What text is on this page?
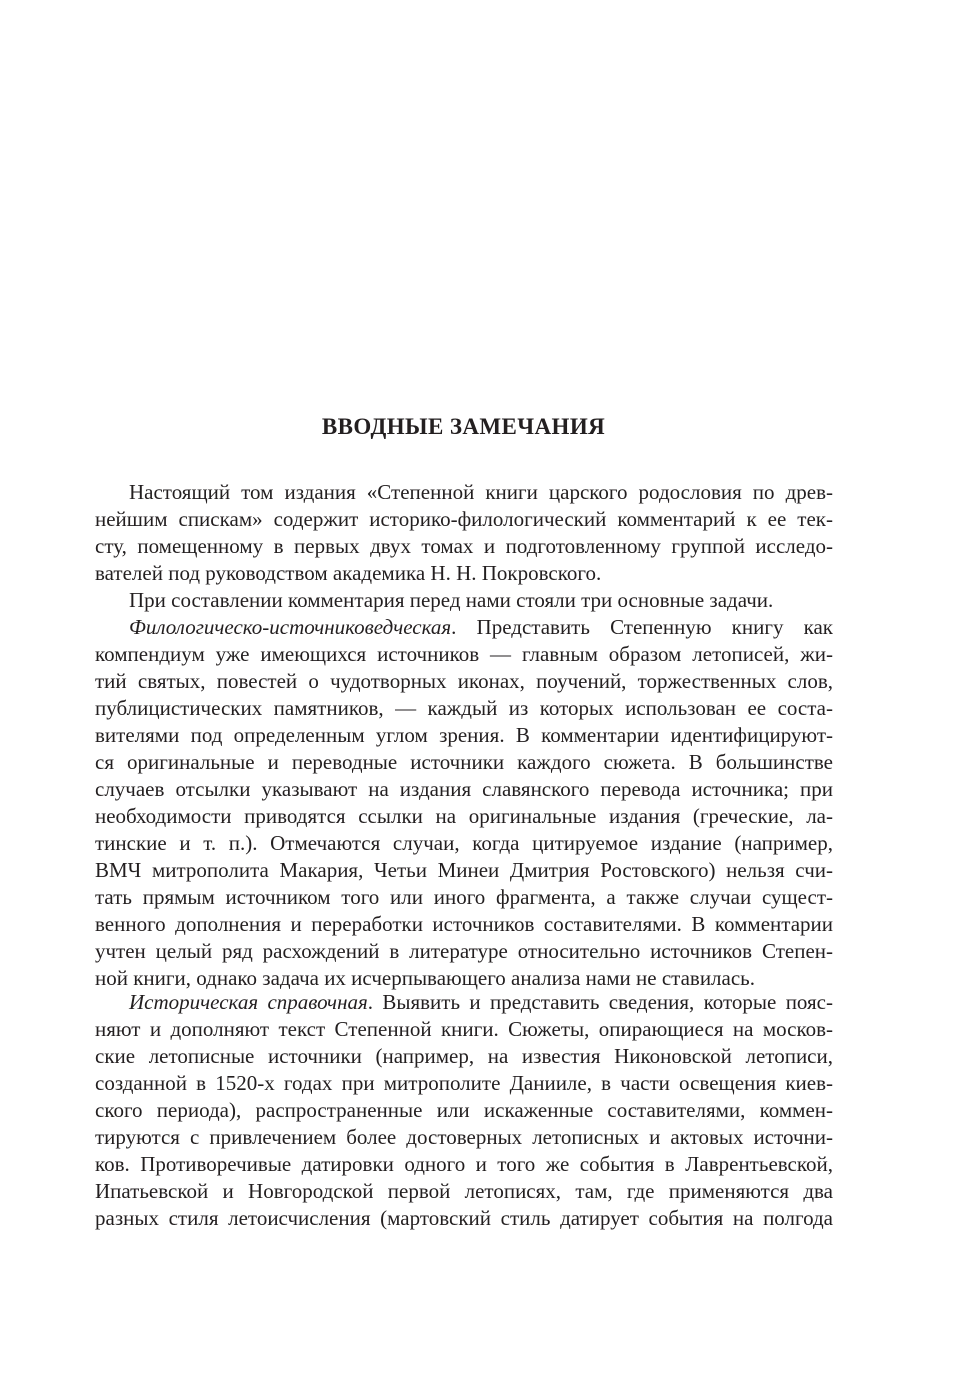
ВВОДНЫЕ ЗАМЕЧАНИЯ
Настоящий том издания «Степенной книги царского родословия по древ-
нейшим спискам» содержит историко-филологический комментарий к ее тек-
сту, помещенному в первых двух томах и подготовленному группой исследо-
вателей под руководством академика Н. Н. Покровского.
При составлении комментария перед нами стояли три основные задачи.
Филологическо-источниковедческая. Представить Степенную книгу как
компендиум уже имеющихся источников — главным образом летописей, жи-
тий святых, повестей о чудотворных иконах, поучений, торжественных слов,
публицистических памятников, — каждый из которых использован ее соста-
вителями под определенным углом зрения. В комментарии идентифицируют-
ся оригинальные и переводные источники каждого сюжета. В большинстве
случаев отсылки указывают на издания славянского перевода источника; при
необходимости приводятся ссылки на оригинальные издания (греческие, ла-
тинские и т. п.). Отмечаются случаи, когда цитируемое издание (например,
ВМЧ митрополита Макария, Четьи Минеи Дмитрия Ростовского) нельзя счи-
тать прямым источником того или иного фрагмента, а также случаи сущест-
венного дополнения и переработки источников составителями. В комментарии
учтен целый ряд расхождений в литературе относительно источников Степен-
ной книги, однако задача их исчерпывающего анализа нами не ставилась.
Историческая справочная. Выявить и представить сведения, которые пояс-
няют и дополняют текст Степенной книги. Сюжеты, опирающиеся на москов-
ские летописные источники (например, на известия Никоновской летописи,
созданной в 1520-х годах при митрополите Данииле, в части освещения киев-
ского периода), распространенные или искаженные составителями, коммен-
тируются с привлечением более достоверных летописных и актовых источни-
ков. Противоречивые датировки одного и того же события в Лаврентьевской,
Ипатьевской и Новгородской первой летописях, там, где применяются два
разных стиля летоисчисления (мартовский стиль датирует события на полгода
